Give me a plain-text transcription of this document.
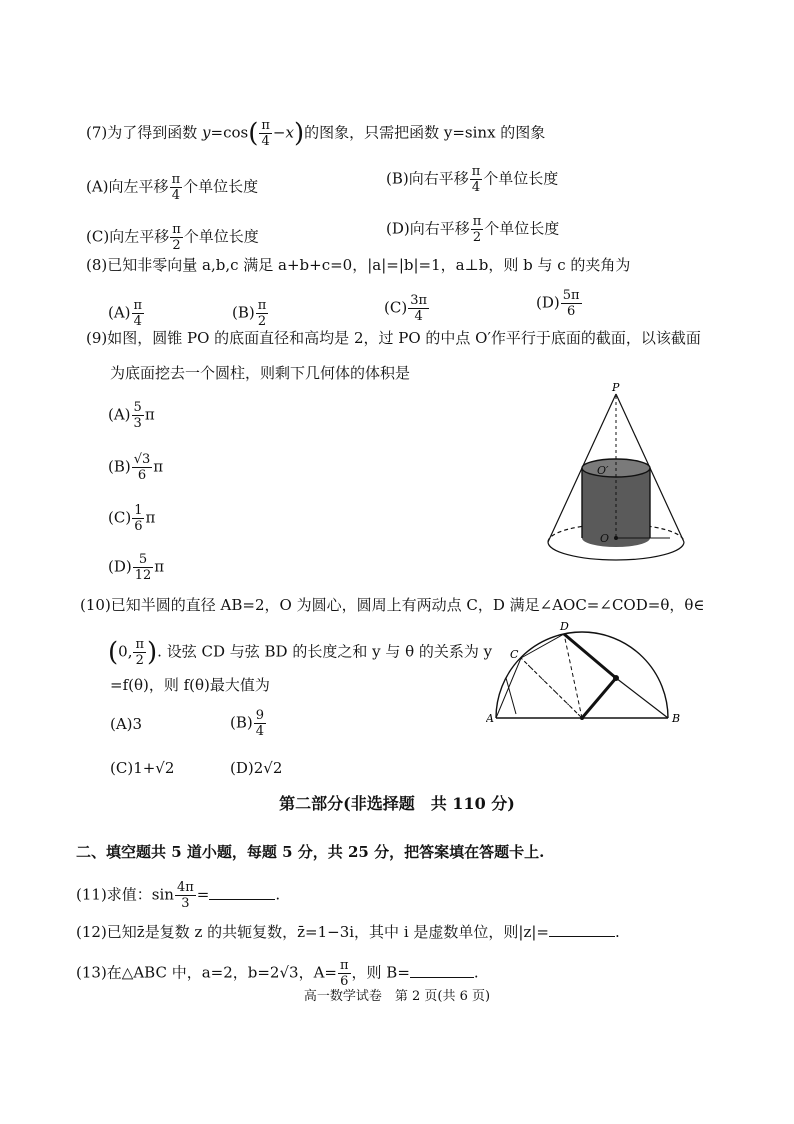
(7)为了得到函数 $y=\cos( \frac{\pi}{4} -x)$的图象，只需把函数 y=sinx 的图象
(A)向左平移 $\frac{\pi}{4}$ 个单位长度	(B)向右平移 $\frac{\pi}{4}$ 个单位长度
(C)向左平移 $\frac{\pi}{2}$ 个单位长度	(D)向右平移 $\frac{\pi}{2}$ 个单位长度
(8)已知非零向量 a,b,c 满足 a+b+c=0，|a|=|b|=1，a⊥b，则 b 与 c 的夹角为
$(A) \frac{\pi}{4}$	$(B) \frac{\pi}{2}$	$(C) \frac{3\pi}{4}$	$(D) \frac{5\pi}{6}$
(9)如图，圆锥 PO 的底面直径和高均是 2，过 PO 的中点 O′作平行于底面的截面，以该截面
为底面挖去一个圆柱，则剩下几何体的体积是
$(A) \frac{5}{3}$ π
$(B) \frac{√3}{6}$ π
$(C) \frac{1}{6}$ π
$(D) \frac{5}{12}$ π
P
O′
O
(10)已知半圆的直径 AB=2，O 为圆心，圆周上有两动点 C，D 满足∠AOC=∠COD=θ，θ∈
(0, $\frac{\pi}{2}$ ). 设弦 CD 与弦 BD 的长度之和 y 与 θ 的关系为 y
=f(θ)，则 f(θ)最大值为
(A)3	$(B) \frac{9}{4}$
(C)1+√2	(D)2√2
A	B
C
D
第二部分(非选择题　共 110 分)
二、填空题共 5 道小题，每题 5 分，共 25 分，把答案填在答题卡上.
(11)求值：$\sin \frac{4\pi}{3}$ =	.
(12)已知z̄是复数 z 的共轭复数，z̄=1−3i，其中 i 是虚数单位，则|z|=	.
(13)在△ABC 中，a=2，b=2√3，$A= \frac{\pi}{6}$ ，则 B=	.
高一数学试卷　第 2 页(共 6 页)
